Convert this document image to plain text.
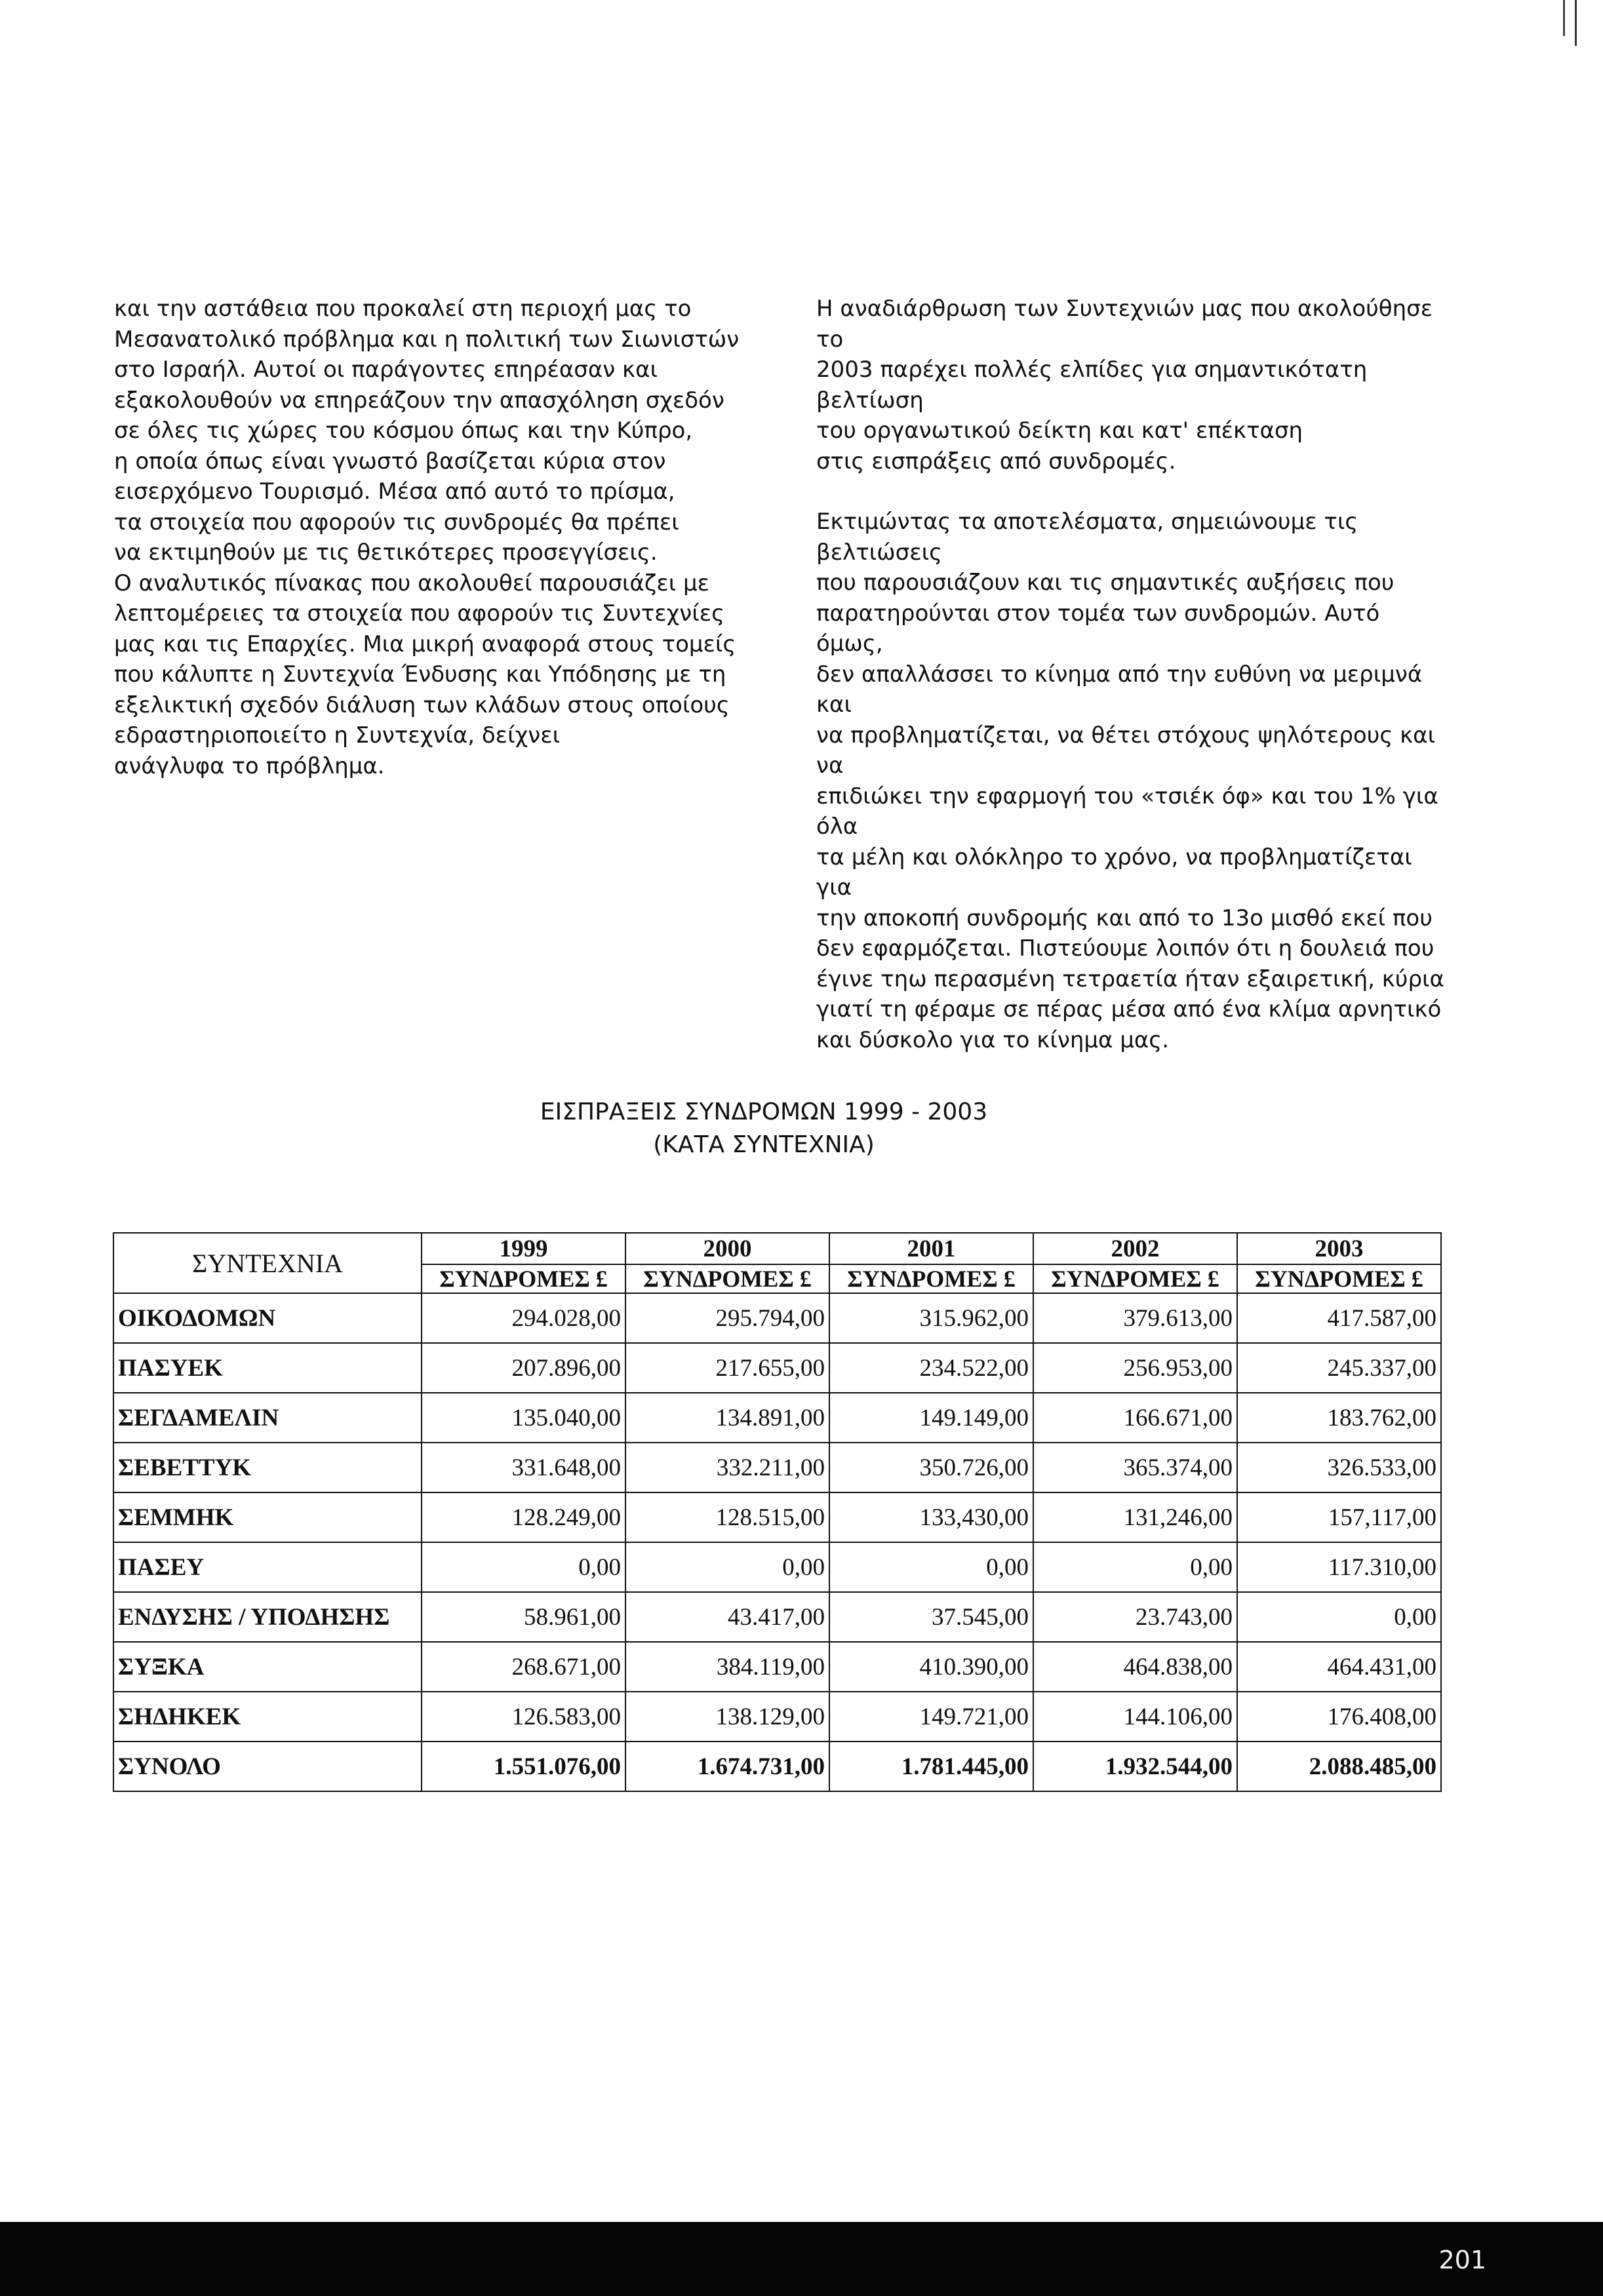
και την αστάθεια που προκαλεί στη περιοχή μας το

Μεσανατολικό πρόβλημα και η πολιτική των Σιωνιστών

στο Ισραήλ. Αυτοί οι παράγοντες επηρέασαν και

εξακολουθούν να επηρεάζουν την απασχόληση σχεδόν

σε όλες τις χώρες του κόσμου όπως και την Κύπρο,

η οποία όπως είναι γνωστό βασίζεται κύρια στον

εισερχόμενο Τουρισμό. Μέσα από αυτό το πρίσμα,

τα στοιχεία που αφορούν τις συνδρομές θα πρέπει

να εκτιμηθούν με τις θετικότερες προσεγγίσεις.

Ο αναλυτικός πίνακας που ακολουθεί παρουσιάζει με

λεπτομέρειες τα στοιχεία που αφορούν τις Συντεχνίες

μας και τις Επαρχίες. Μια μικρή αναφορά στους τομείς

που κάλυπτε η Συντεχνία Ένδυσης και Υπόδησης με τη

εξελικτική σχεδόν διάλυση των κλάδων στους οποίους

εδραστηριοποιείτο η Συντεχνία, δείχνει

ανάγλυφα το πρόβλημα.

Η αναδιάρθρωση των Συντεχνιών μας που ακολούθησε το

2003 παρέχει πολλές ελπίδες για σημαντικότατη βελτίωση

του οργανωτικού δείκτη και κατ' επέκταση

στις εισπράξεις από συνδρομές.

Εκτιμώντας τα αποτελέσματα, σημειώνουμε τις βελτιώσεις

που παρουσιάζουν και τις σημαντικές αυξήσεις που

παρατηρούνται στον τομέα των συνδρομών. Αυτό όμως,

δεν απαλλάσσει το κίνημα από την ευθύνη να μεριμνά και

να προβληματίζεται, να θέτει στόχους ψηλότερους και να

επιδιώκει την εφαρμογή του «τσιέκ όφ» και του 1% για όλα

τα μέλη και ολόκληρο το χρόνο, να προβληματίζεται για

την αποκοπή συνδρομής και από το 13ο μισθό εκεί που

δεν εφαρμόζεται. Πιστεύουμε λοιπόν ότι η δουλειά που

έγινε τηω περασμένη τετραετία ήταν εξαιρετική, κύρια

γιατί τη φέραμε σε πέρας μέσα από ένα κλίμα αρνητικό

και δύσκολο για το κίνημα μας.

ΕΙΣΠΡΑΞΕΙΣ ΣΥΝΔΡΟΜΩΝ 1999 - 2003
(ΚΑΤΑ ΣΥΝΤΕΧΝΙΑ)
ΣΥΝΤΕΧΝΙΑ	1999	2000	2001	2002	2003
	ΣΥΝΔΡΟΜΕΣ £	ΣΥΝΔΡΟΜΕΣ £	ΣΥΝΔΡΟΜΕΣ £	ΣΥΝΔΡΟΜΕΣ £	ΣΥΝΔΡΟΜΕΣ £
ΟΙΚΟΔΟΜΩΝ	294.028,00	295.794,00	315.962,00	379.613,00	417.587,00
ΠΑΣΥΕΚ	207.896,00	217.655,00	234.522,00	256.953,00	245.337,00
ΣΕΓΔΑΜΕΛΙΝ	135.040,00	134.891,00	149.149,00	166.671,00	183.762,00
ΣΕΒΕΤΤΥΚ	331.648,00	332.211,00	350.726,00	365.374,00	326.533,00
ΣΕΜΜΗΚ	128.249,00	128.515,00	133,430,00	131,246,00	157,117,00
ΠΑΣΕΥ	0,00	0,00	0,00	0,00	117.310,00
ΕΝΔΥΣΗΣ / ΥΠΟΔΗΣΗΣ	58.961,00	43.417,00	37.545,00	23.743,00	0,00
ΣΥΞΚΑ	268.671,00	384.119,00	410.390,00	464.838,00	464.431,00
ΣΗΔΗΚΕΚ	126.583,00	138.129,00	149.721,00	144.106,00	176.408,00
ΣΥΝΟΛΟ	1.551.076,00	1.674.731,00	1.781.445,00	1.932.544,00	2.088.485,00
201
